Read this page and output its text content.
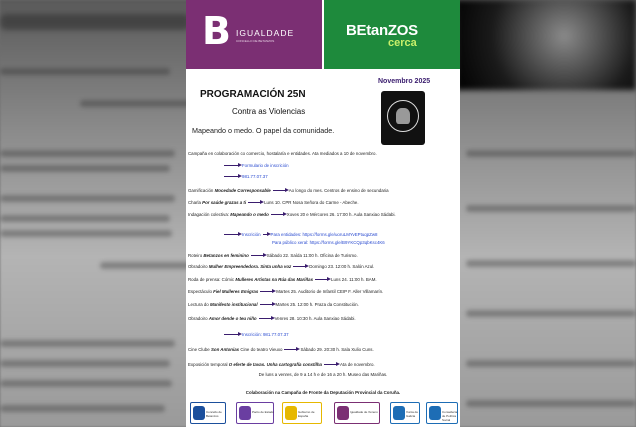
B IGUALDADE
CONCELLO DE BETANZOS
BEtanZOS
cerca
PROGRAMACIÓN 25N
Contra as Violencias
Mapeando o medo. O papel da comunidade.
Novembro 2025
Campaña en colaboración co comercio, hostalaría e entidades. Ata mediados a 10 de novembro.
Formulario de inscrición
981.77.07.37
Gamificación Mocedade Corresponsable	Ao longo do mes. Centros de ensino de secundaria
Charla Por saúde grazas a ti	Luns 10. CPR Nosa Señora do Carme - Abeche.
Indagación colectiva: Mapeando o medo	Xoves 20 e Mércores 26. 17:00 h. Aula Sanxiao Sádabi.
Inscrición Para entidades: https://forms.gle/uoruLMYvEPtuqpZw8
Para público xeral: https://forms.gle/B9YKCQp3qbKsc4K6
Roteiro Betanzos en feminino	Sábado 22. Saída 11:00 h. Oficina de Turismo.
Obradoiro Mulher Empreendedora. Sinta unha voz	Domingo 23. 12:00 h. Salón Azul.
Roda de prensa: Cómic Mulleres Artistas na Rúa das Mariñas	Luns 24. 11:00 h. BAM.
Espectáculo Fiel Mulleres Emigras	Martes 25. Auditorio de Infantil CEIP F. Aller Villamarín.
Lectura do Manifesto institucional	Martes 25. 12:00 h. Praza da Constitución.
Obradoiro Amor dende o teu niño	Venres 28. 10:30 h. Aula Sanxiao Sádabi.
Inscrición: 981.77.07.37
Cine Clube Son Antonias Cine do teatro Vieuxo	Sábado 29. 20:30 h. Sala Xulio Cuns.
Exposición temporal O eferte de tavas. Unha cartografía conxtílha	Ata de novembro.
De luns a venres, de 9 a 14 h e de 16 a 20 h. Museo das Mariñas.
Colaboración na Campaña de Fronte da Deputación Provincial da Coruña.
Concello de Betanzos
Pacto de Estado	Gobierno de España
Igualdade de Xénero	Xunta de Galicia
Consellería de Política Social
